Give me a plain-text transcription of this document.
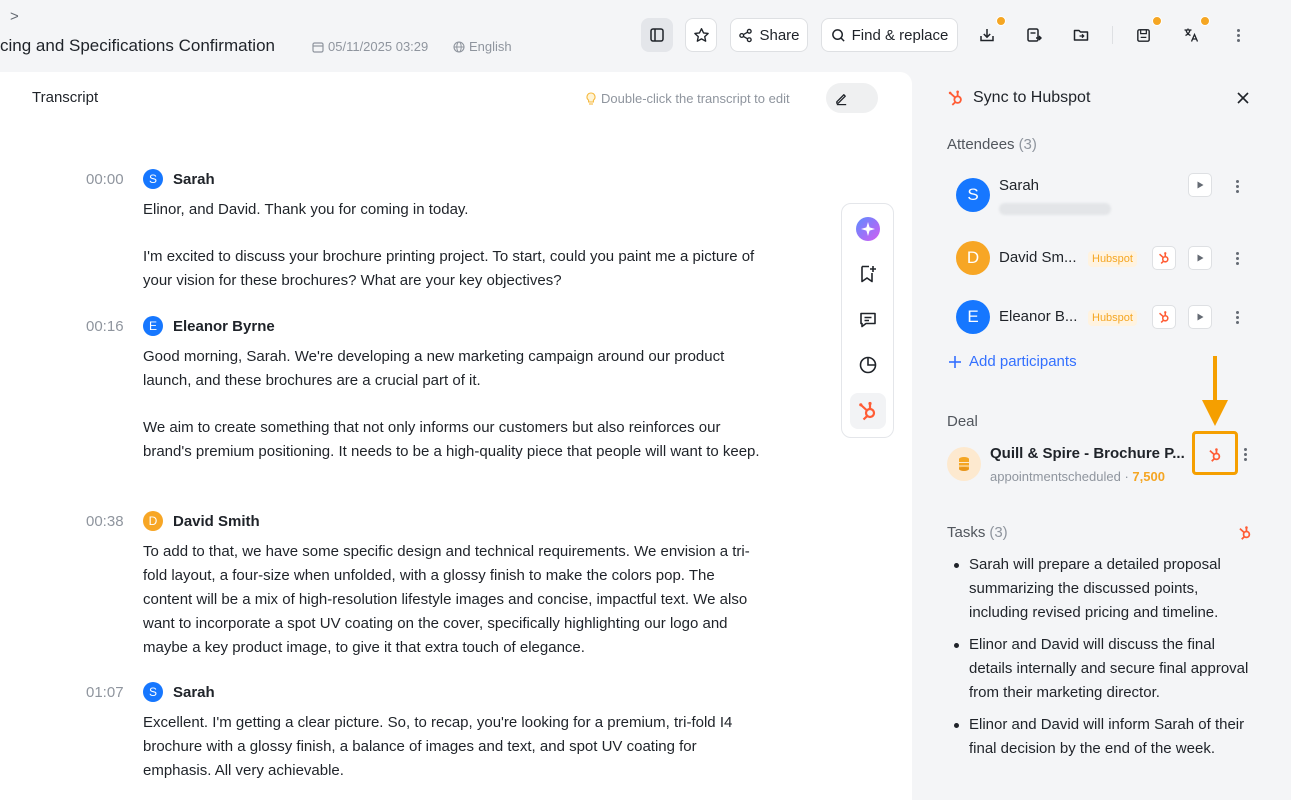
>
cing and Specifications Confirmation	05/11/2025 03:29	English
Share	Find & replace
Transcript	Double-click the transcript to edit
00:00	S	Sarah
Elinor, and David. Thank you for coming in today.
I'm excited to discuss your brochure printing project. To start, could you paint me a picture of your vision for these brochures? What are your key objectives?
00:16	E	Eleanor Byrne
Good morning, Sarah. We're developing a new marketing campaign around our product launch, and these brochures are a crucial part of it.
We aim to create something that not only informs our customers but also reinforces our brand's premium positioning. It needs to be a high-quality piece that people will want to keep.
00:38	D	David Smith
To add to that, we have some specific design and technical requirements. We envision a tri-fold layout, a four-size when unfolded, with a glossy finish to make the colors pop. The content will be a mix of high-resolution lifestyle images and concise, impactful text. We also want to incorporate a spot UV coating on the cover, specifically highlighting our logo and maybe a key product image, to give it that extra touch of elegance.
01:07	S	Sarah
Excellent. I'm getting a clear picture. So, to recap, you're looking for a premium, tri-fold I4 brochure with a glossy finish, a balance of images and text, and spot UV coating for emphasis. All very achievable.
Sync to Hubspot
Attendees (3)
S	Sarah
D	David Sm...	Hubspot
E	Eleanor B...	Hubspot
Add participants
Deal
Quill & Spire - Brochure P...
appointmentscheduled · 7,500
Tasks (3)
Sarah will prepare a detailed proposal summarizing the discussed points, including revised pricing and timeline.
Elinor and David will discuss the final details internally and secure final approval from their marketing director.
Elinor and David will inform Sarah of their final decision by the end of the week.
